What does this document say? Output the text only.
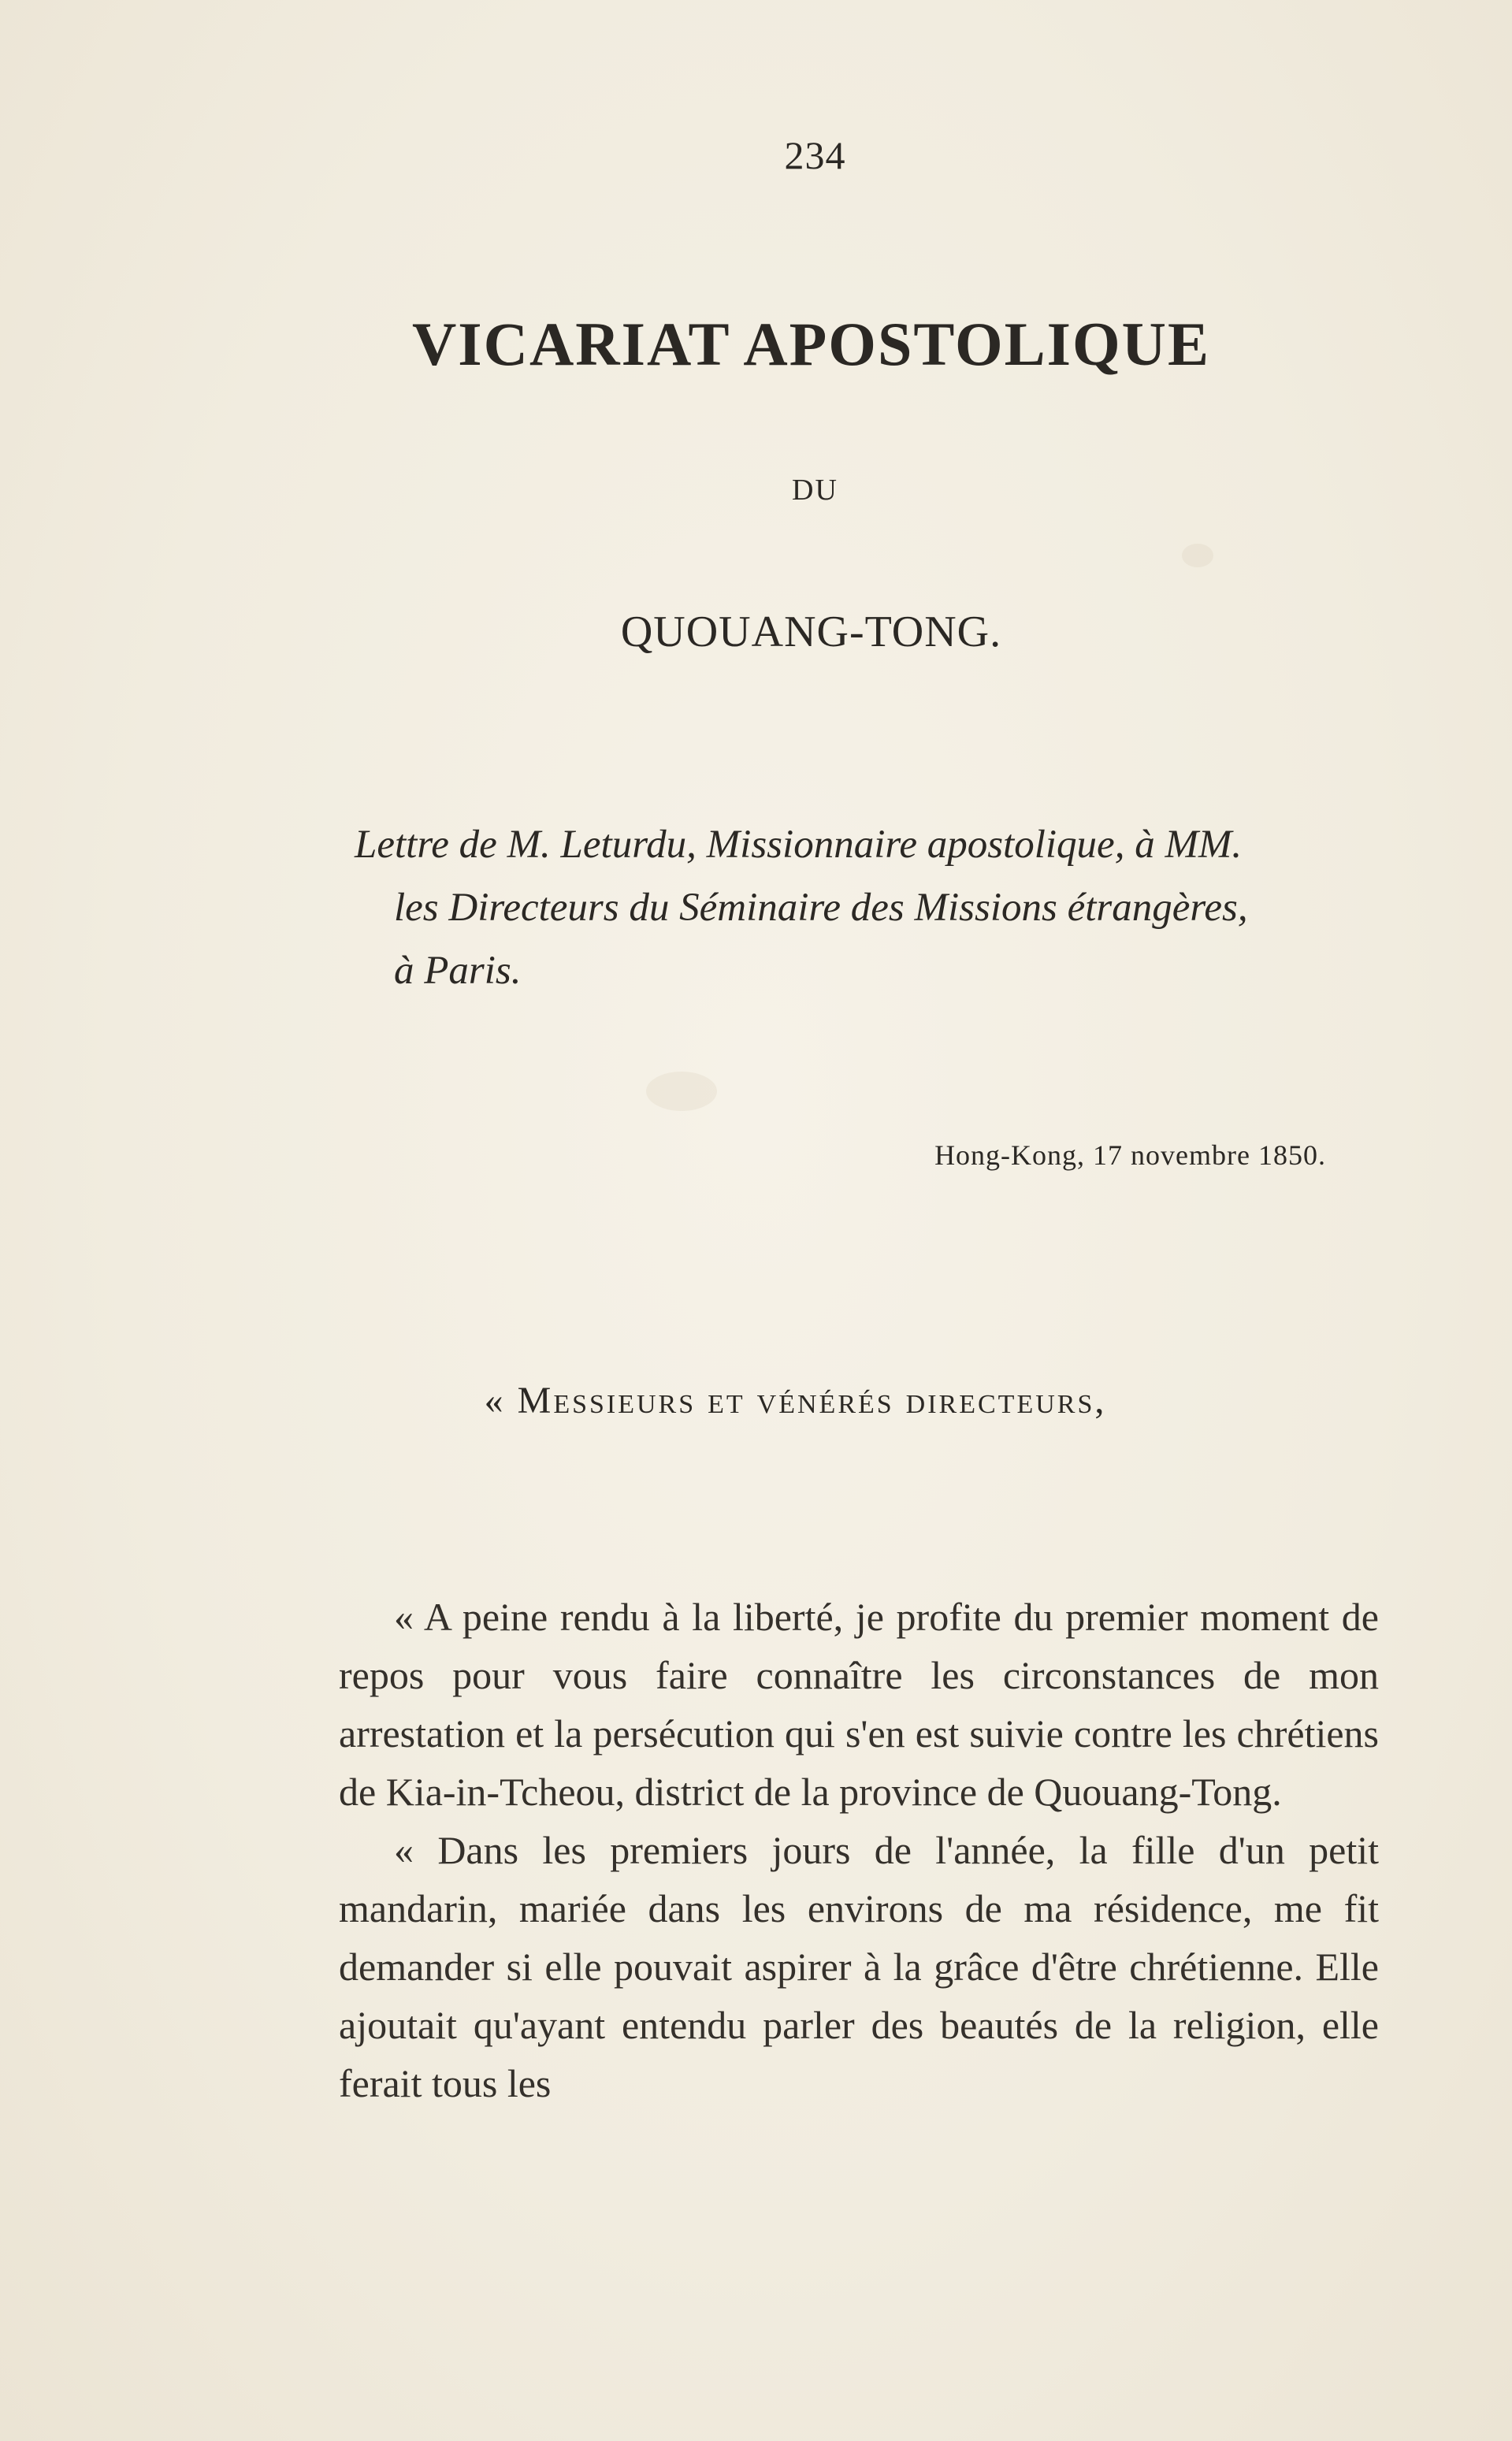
234
VICARIAT APOSTOLIQUE
DU
QUOUANG-TONG.
Lettre de M. Leturdu, Missionnaire apostolique, à MM.
les Directeurs du Séminaire des Missions étrangères,
à Paris.
Hong-Kong, 17 novembre 1850.
« Messieurs et vénérés directeurs,

« A peine rendu à la liberté, je profite du premier moment de repos pour vous faire connaître les circonstances de mon arrestation et la persécution qui s'en est suivie contre les chrétiens de Kia-in-Tcheou, district de la province de Quouang-Tong.

« Dans les premiers jours de l'année, la fille d'un petit mandarin, mariée dans les environs de ma résidence, me fit demander si elle pouvait aspirer à la grâce d'être chrétienne. Elle ajoutait qu'ayant entendu parler des beautés de la religion, elle ferait tous les
